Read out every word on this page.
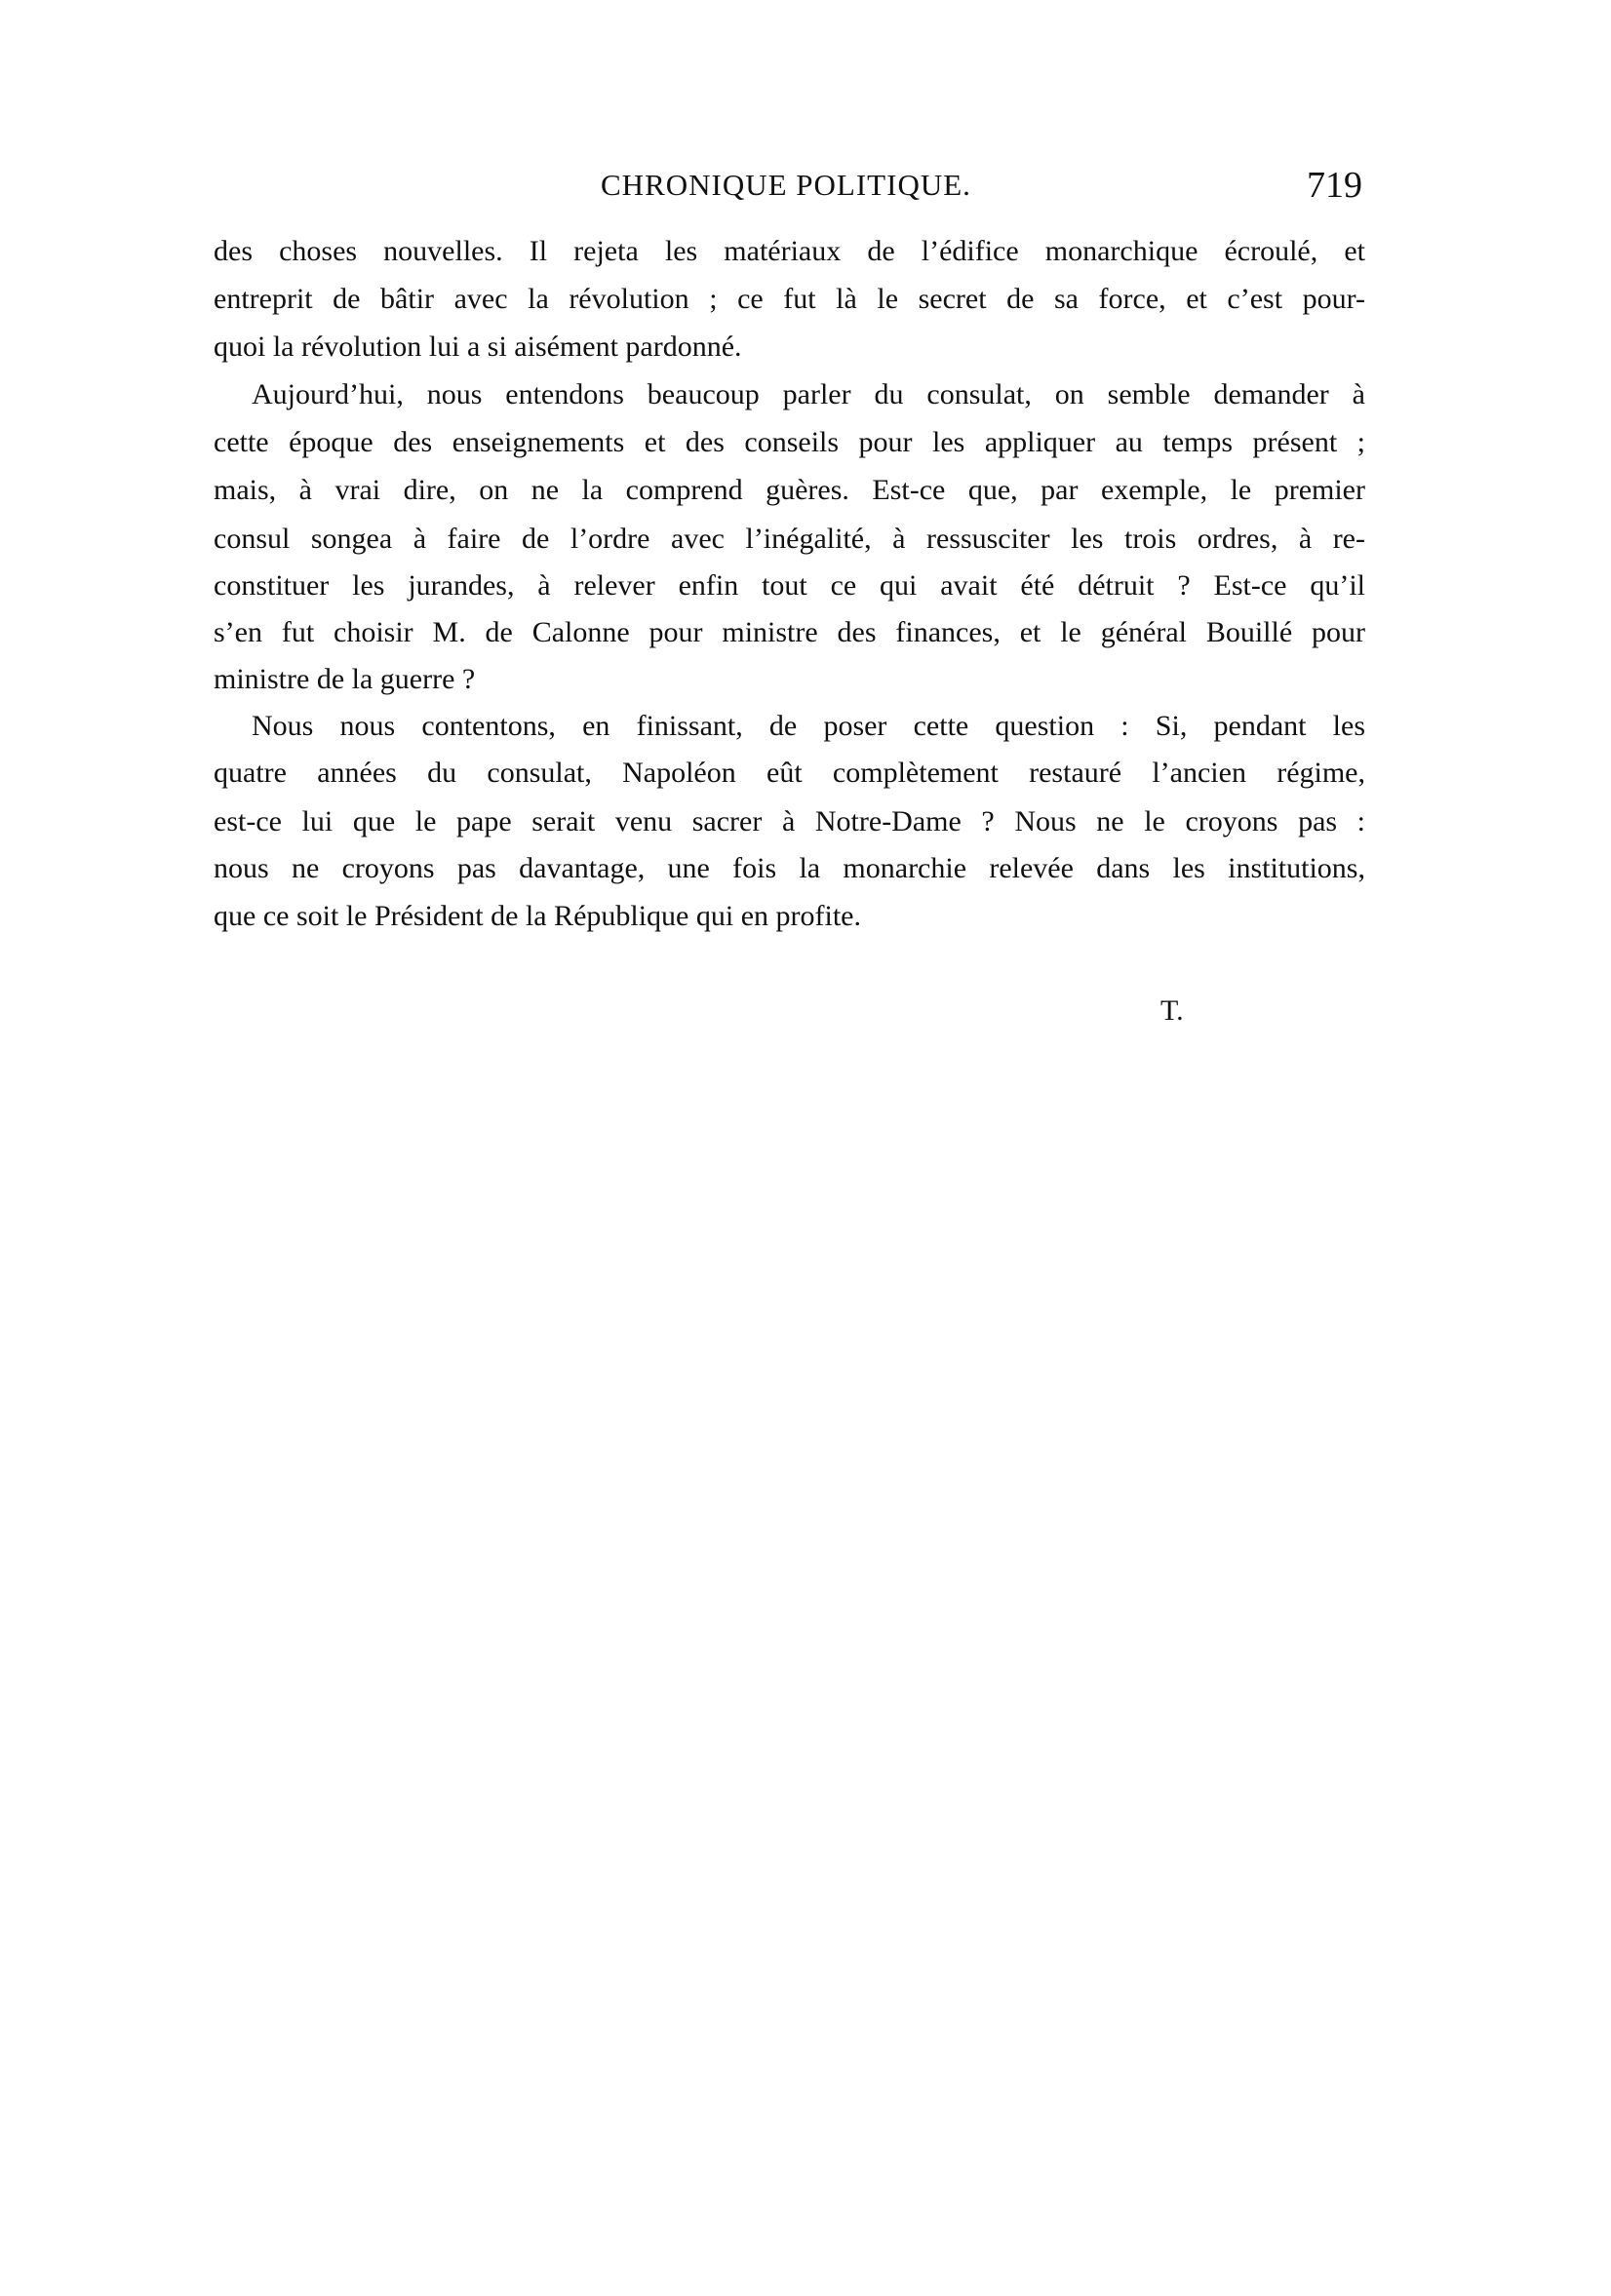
CHRONIQUE POLITIQUE.	719
des choses nouvelles. Il rejeta les matériaux de l’édifice monarchique écroulé, et
entreprit de bâtir avec la révolution ; ce fut là le secret de sa force, et c’est pour-
quoi la révolution lui a si aisément pardonné.
Aujourd’hui, nous entendons beaucoup parler du consulat, on semble demander à
cette époque des enseignements et des conseils pour les appliquer au temps présent ;
mais, à vrai dire, on ne la comprend guères. Est-ce que, par exemple, le premier
consul songea à faire de l’ordre avec l’inégalité, à ressusciter les trois ordres, à re-
constituer les jurandes, à relever enfin tout ce qui avait été détruit ? Est-ce qu’il
s’en fut choisir M. de Calonne pour ministre des finances, et le général Bouillé pour
ministre de la guerre ?
Nous nous contentons, en finissant, de poser cette question : Si, pendant les
quatre années du consulat, Napoléon eût complètement restauré l’ancien régime,
est-ce lui que le pape serait venu sacrer à Notre-Dame ? Nous ne le croyons pas :
nous ne croyons pas davantage, une fois la monarchie relevée dans les institutions,
que ce soit le Président de la République qui en profite.
T.
